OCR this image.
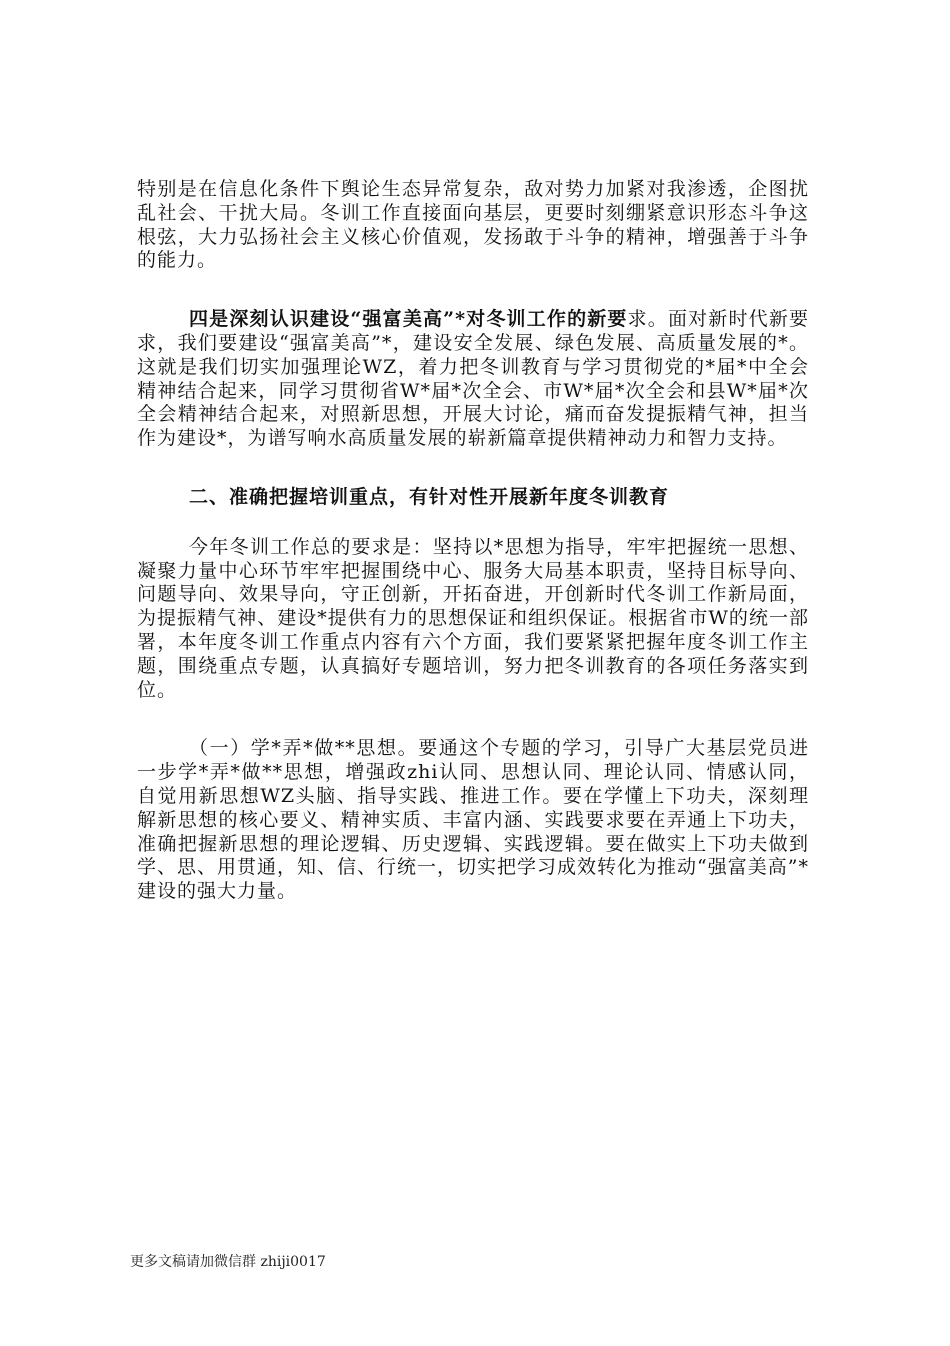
特别是在信息化条件下舆论生态异常复杂，敌对势力加紧对我渗透，企图扰乱社会、干扰大局。冬训工作直接面向基层，更要时刻绷紧意识形态斗争这根弦，大力弘扬社会主义核心价值观，发扬敢于斗争的精神，增强善于斗争的能力。

四是深刻认识建设“强富美高”*对冬训工作的新要求。面对新时代新要求，我们要建设“强富美高”*，建设安全发展、绿色发展、高质量发展的*。这就是我们切实加强理论WZ，着力把冬训教育与学习贯彻党的*届*中全会精神结合起来，同学习贯彻省W*届*次全会、市W*届*次全会和县W*届*次全会精神结合起来，对照新思想，开展大讨论，痛而奋发提振精气神，担当作为建设*，为谱写响水高质量发展的崭新篇章提供精神动力和智力支持。

二、准确把握培训重点，有针对性开展新年度冬训教育

今年冬训工作总的要求是：坚持以*思想为指导，牢牢把握统一思想、凝聚力量中心环节牢牢把握围绕中心、服务大局基本职责，坚持目标导向、问题导向、效果导向，守正创新，开拓奋进，开创新时代冬训工作新局面，为提振精气神、建设*提供有力的思想保证和组织保证。根据省市W的统一部署，本年度冬训工作重点内容有六个方面，我们要紧紧把握年度冬训工作主题，围绕重点专题，认真搞好专题培训，努力把冬训教育的各项任务落实到位。

（一）学*弄*做**思想。要通这个专题的学习，引导广大基层党员进一步学*弄*做**思想，增强政zhi认同、思想认同、理论认同、情感认同，自觉用新思想WZ头脑、指导实践、推进工作。要在学懂上下功夫，深刻理解新思想的核心要义、精神实质、丰富内涵、实践要求要在弄通上下功夫，准确把握新思想的理论逻辑、历史逻辑、实践逻辑。要在做实上下功夫做到学、思、用贯通，知、信、行统一，切实把学习成效转化为推动“强富美高”*建设的强大力量。

更多文稿请加微信群 zhiji0017
